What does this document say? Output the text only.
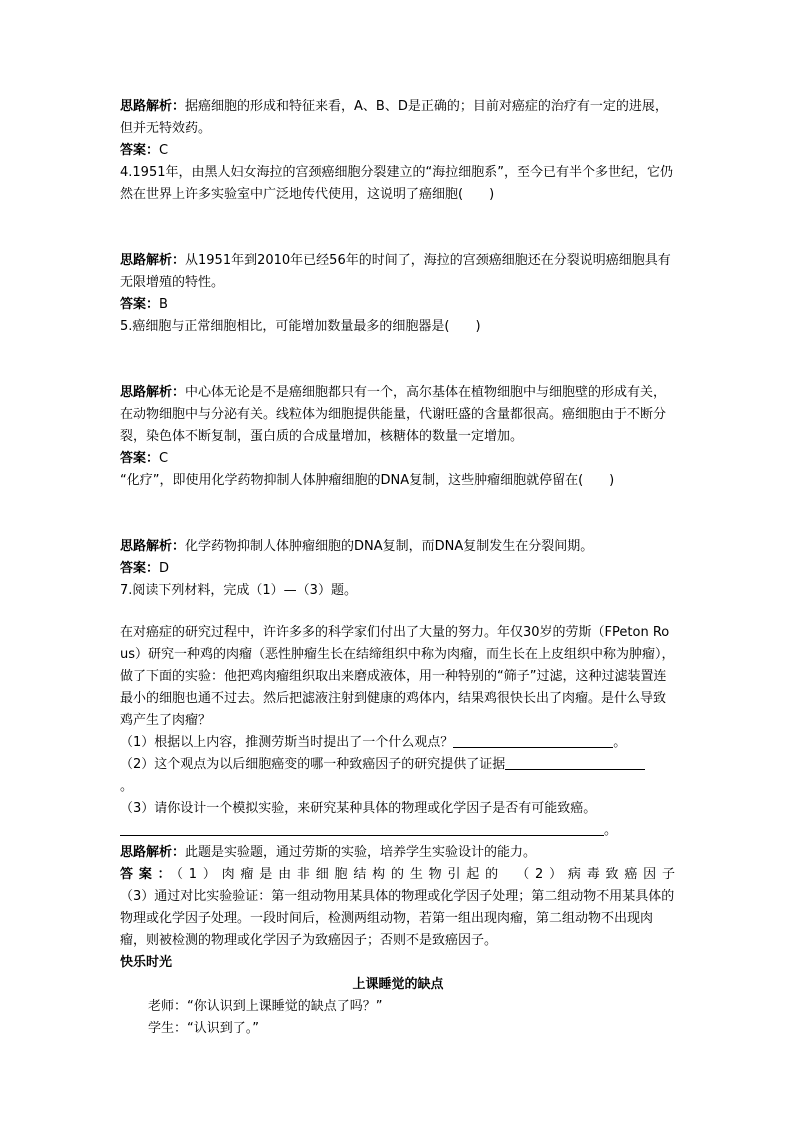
思路解析：据癌细胞的形成和特征来看，A、B、D是正确的；目前对癌症的治疗有一定的进展，但并无特效药。

答案：C

4.1951年，由黑人妇女海拉的宫颈癌细胞分裂建立的“海拉细胞系”，至今已有半个多世纪，它仍然在世界上许多实验室中广泛地传代使用，这说明了癌细胞(　　)

思路解析：从1951年到2010年已经56年的时间了，海拉的宫颈癌细胞还在分裂说明癌细胞具有无限增殖的特性。

答案：B

5.癌细胞与正常细胞相比，可能增加数量最多的细胞器是(　　)

思路解析：中心体无论是不是癌细胞都只有一个，高尔基体在植物细胞中与细胞壁的形成有关，在动物细胞中与分泌有关。线粒体为细胞提供能量，代谢旺盛的含量都很高。癌细胞由于不断分裂，染色体不断复制，蛋白质的合成量增加，核糖体的数量一定增加。

答案：C

“化疗”，即使用化学药物抑制人体肿瘤细胞的DNA复制，这些肿瘤细胞就停留在(　　)

思路解析：化学药物抑制人体肿瘤细胞的DNA复制，而DNA复制发生在分裂间期。

答案：D

7.阅读下列材料，完成（1）—（3）题。

在对癌症的研究过程中，许许多多的科学家们付出了大量的努力。年仅30岁的劳斯（FPeton Rous）研究一种鸡的肉瘤（恶性肿瘤生长在结缔组织中称为肉瘤，而生长在上皮组织中称为肿瘤），做了下面的实验：他把鸡肉瘤组织取出来磨成液体，用一种特别的“筛子”过滤，这种过滤装置连最小的细胞也通不过去。然后把滤液注射到健康的鸡体内，结果鸡很快长出了肉瘤。是什么导致鸡产生了肉瘤？

（1）根据以上内容，推测劳斯当时提出了一个什么观点？	。

（2）这个观点为以后细胞癌变的哪一种致癌因子的研究提供了证据

。

（3）请你设计一个模拟实验，来研究某种具体的物理或化学因子是否有可能致癌。

。

思路解析：此题是实验题，通过劳斯的实验，培养学生实验设计的能力。

答案：（1）肉瘤是由非细胞结构的生物引起的　（2）病毒致癌因子

（3）通过对比实验验证：第一组动物用某具体的物理或化学因子处理；第二组动物不用某具体的物理或化学因子处理。一段时间后，检测两组动物，若第一组出现肉瘤，第二组动物不出现肉瘤，则被检测的物理或化学因子为致癌因子；否则不是致癌因子。

快乐时光

上课睡觉的缺点

老师：“你认识到上课睡觉的缺点了吗？”

学生：“认识到了。”
